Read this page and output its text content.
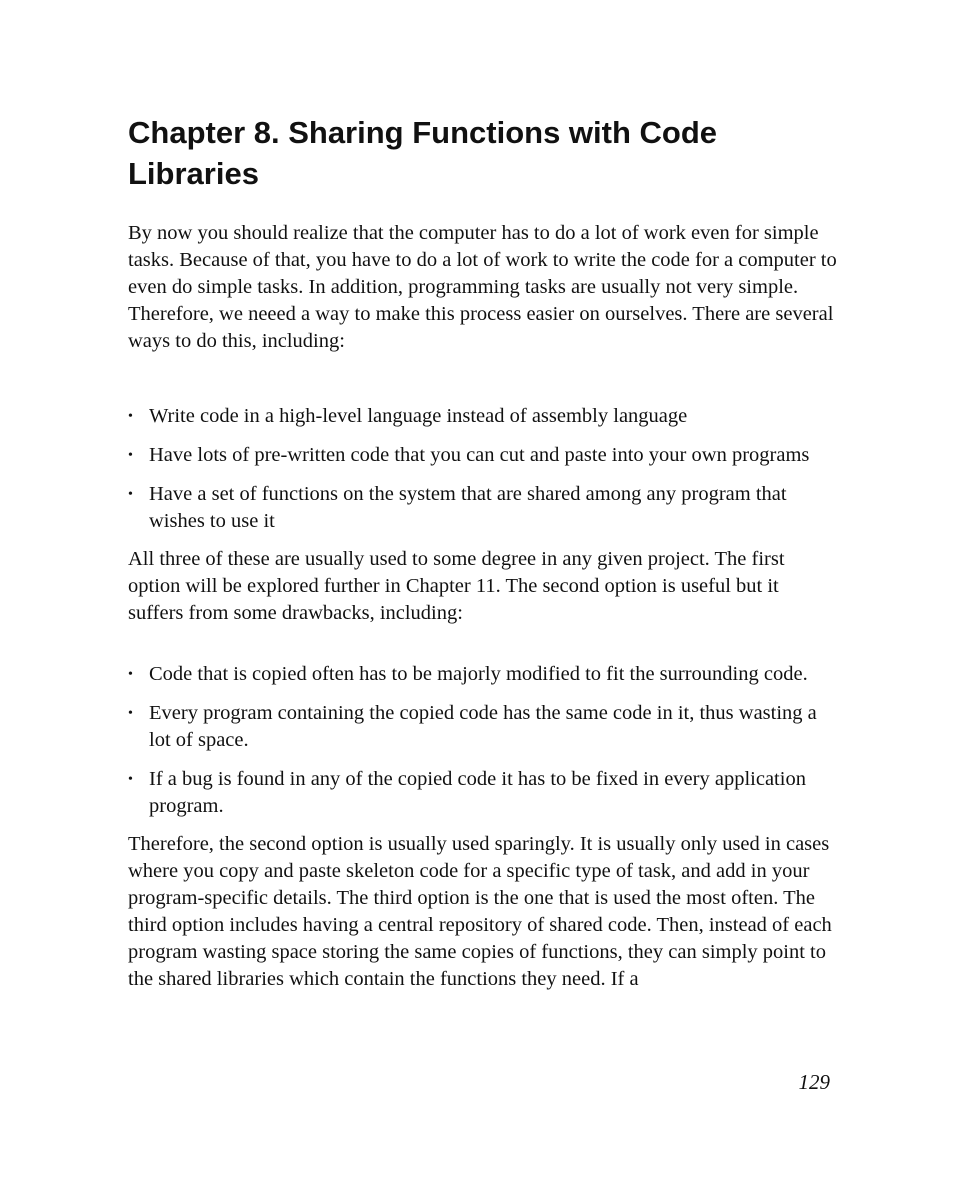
Chapter 8. Sharing Functions with Code Libraries

By now you should realize that the computer has to do a lot of work even for simple tasks. Because of that, you have to do a lot of work to write the code for a computer to even do simple tasks. In addition, programming tasks are usually not very simple. Therefore, we neeed a way to make this process easier on ourselves. There are several ways to do this, including:

• Write code in a high-level language instead of assembly language
• Have lots of pre-written code that you can cut and paste into your own programs
• Have a set of functions on the system that are shared among any program that wishes to use it

All three of these are usually used to some degree in any given project. The first option will be explored further in Chapter 11. The second option is useful but it suffers from some drawbacks, including:

• Code that is copied often has to be majorly modified to fit the surrounding code.
• Every program containing the copied code has the same code in it, thus wasting a lot of space.
• If a bug is found in any of the copied code it has to be fixed in every application program.

Therefore, the second option is usually used sparingly. It is usually only used in cases where you copy and paste skeleton code for a specific type of task, and add in your program-specific details. The third option is the one that is used the most often. The third option includes having a central repository of shared code. Then, instead of each program wasting space storing the same copies of functions, they can simply point to the shared libraries which contain the functions they need. If a

129
